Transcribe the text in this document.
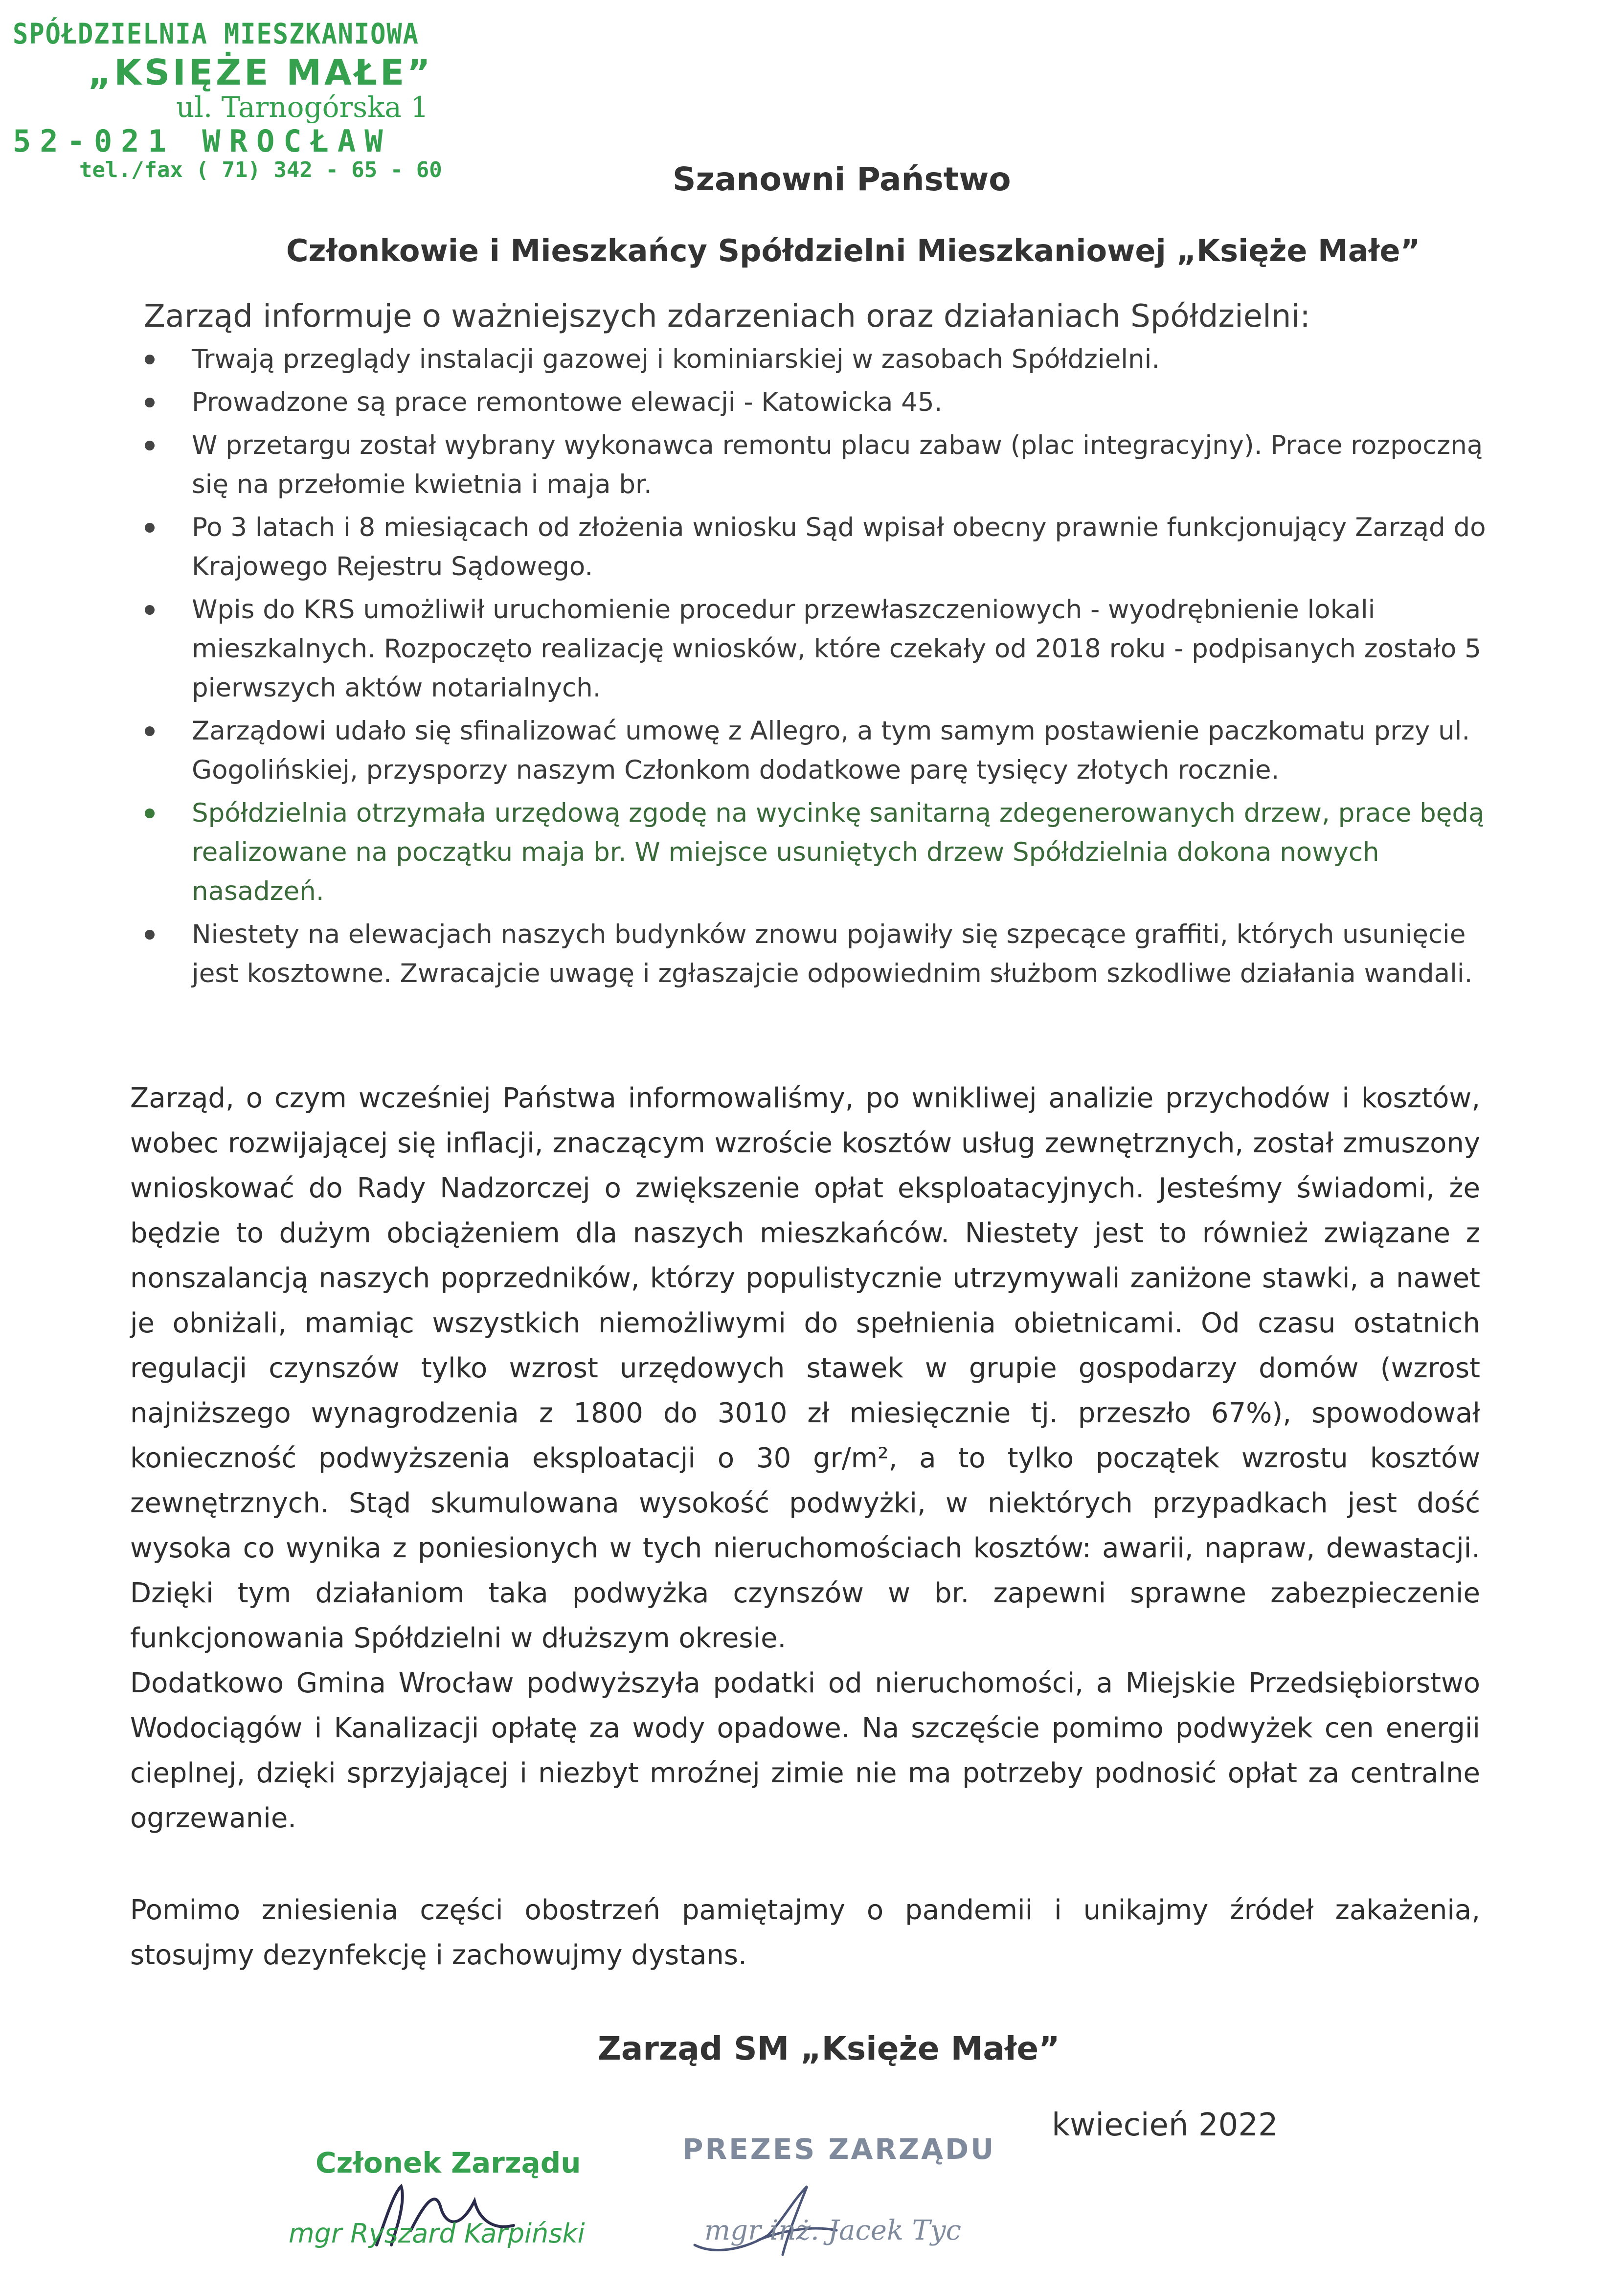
SPÓŁDZIELNIA MIESZKANIOWA
„KSIĘŻE MAŁE”
ul. Tarnogórska 1
52-021 WROCŁAW
tel./fax ( 71) 342 - 65 - 60	Szanowni Państwo
Członkowie i Mieszkańcy Spółdzielni Mieszkaniowej „Księże Małe”
Zarząd informuje o ważniejszych zdarzeniach oraz działaniach Spółdzielni:
Trwają przeglądy instalacji gazowej i kominiarskiej w zasobach Spółdzielni.
Prowadzone są prace remontowe elewacji - Katowicka 45.
W przetargu został wybrany wykonawca remontu placu zabaw (plac integracyjny). Prace rozpoczną się na przełomie kwietnia i maja br.
Po 3 latach i 8 miesiącach od złożenia wniosku Sąd wpisał obecny prawnie funkcjonujący Zarząd do Krajowego Rejestru Sądowego.
Wpis do KRS umożliwił uruchomienie procedur przewłaszczeniowych - wyodrębnienie lokali mieszkalnych. Rozpoczęto realizację wniosków, które czekały od 2018 roku - podpisanych zostało 5 pierwszych aktów notarialnych.
Zarządowi udało się sfinalizować umowę z Allegro, a tym samym postawienie paczkomatu przy ul. Gogolińskiej, przysporzy naszym Członkom dodatkowe parę tysięcy złotych rocznie.
Spółdzielnia otrzymała urzędową zgodę na wycinkę sanitarną zdegenerowanych drzew, prace będą realizowane na początku maja br. W miejsce usuniętych drzew Spółdzielnia dokona nowych nasadzeń.
Niestety na elewacjach naszych budynków znowu pojawiły się szpecące graffiti, których usunięcie jest kosztowne. Zwracajcie uwagę i zgłaszajcie odpowiednim służbom szkodliwe działania wandali.

Zarząd, o czym wcześniej Państwa informowaliśmy, po wnikliwej analizie przychodów i kosztów, wobec rozwijającej się inflacji, znaczącym wzroście kosztów usług zewnętrznych, został zmuszony wnioskować do Rady Nadzorczej o zwiększenie opłat eksploatacyjnych. Jesteśmy świadomi, że będzie to dużym obciążeniem dla naszych mieszkańców. Niestety jest to również związane z nonszalancją naszych poprzedników, którzy populistycznie utrzymywali zaniżone stawki, a nawet je obniżali, mamiąc wszystkich niemożliwymi do spełnienia obietnicami. Od czasu ostatnich regulacji czynszów tylko wzrost urzędowych stawek w grupie gospodarzy domów (wzrost najniższego wynagrodzenia z 1800 do 3010 zł miesięcznie tj. przeszło 67%), spowodował konieczność podwyższenia eksploatacji o 30 gr/m², a to tylko początek wzrostu kosztów zewnętrznych. Stąd skumulowana wysokość podwyżki, w niektórych przypadkach jest dość wysoka co wynika z poniesionych w tych nieruchomościach kosztów: awarii, napraw, dewastacji. Dzięki tym działaniom taka podwyżka czynszów w br. zapewni sprawne zabezpieczenie funkcjonowania Spółdzielni w dłuższym okresie.

Dodatkowo Gmina Wrocław podwyższyła podatki od nieruchomości, a Miejskie Przedsiębiorstwo Wodociągów i Kanalizacji opłatę za wody opadowe. Na szczęście pomimo podwyżek cen energii cieplnej, dzięki sprzyjającej i niezbyt mroźnej zimie nie ma potrzeby podnosić opłat za centralne ogrzewanie.

Pomimo zniesienia części obostrzeń pamiętajmy o pandemii i unikajmy źródeł zakażenia, stosujmy dezynfekcję i zachowujmy dystans.

Zarząd SM „Księże Małe”
kwiecień 2022
Członek Zarządu
mgr Ryszard Karpiński
PREZES ZARZĄDU
mgr inż. Jacek Tyc
